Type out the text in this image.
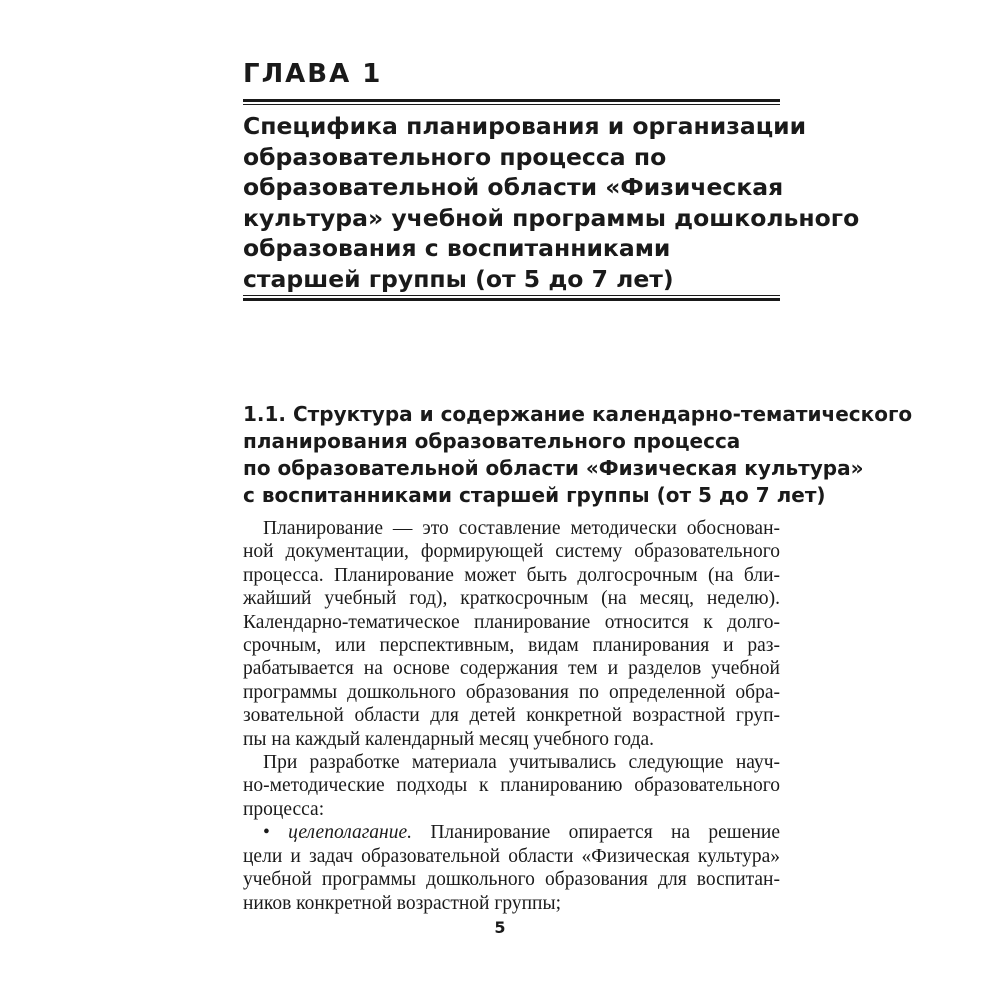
ГЛАВА 1
Специфика планирования и организации
образовательного процесса по
образовательной области «Физическая
культура» учебной программы дошкольного
образования с воспитанниками
старшей группы (от 5 до 7 лет)
1.1. Структура и содержание календарно-тематического
планирования образовательного процесса
по образовательной области «Физическая культура»
с воспитанниками старшей группы (от 5 до 7 лет)
Планирование — это составление методически обоснован-
ной документации, формирующей систему образовательного
процесса. Планирование может быть долгосрочным (на бли-
жайший учебный год), краткосрочным (на месяц, неделю).
Календарно-тематическое планирование относится к долго-
срочным, или перспективным, видам планирования и раз-
рабатывается на основе содержания тем и разделов учебной
программы дошкольного образования по определенной обра-
зовательной области для детей конкретной возрастной груп-
пы на каждый календарный месяц учебного года.
При разработке материала учитывались следующие науч-
но-методические подходы к планированию образовательного
процесса:
• целеполагание. Планирование опирается на решение
цели и задач образовательной области «Физическая культура»
учебной программы дошкольного образования для воспитан-
ников конкретной возрастной группы;
5
